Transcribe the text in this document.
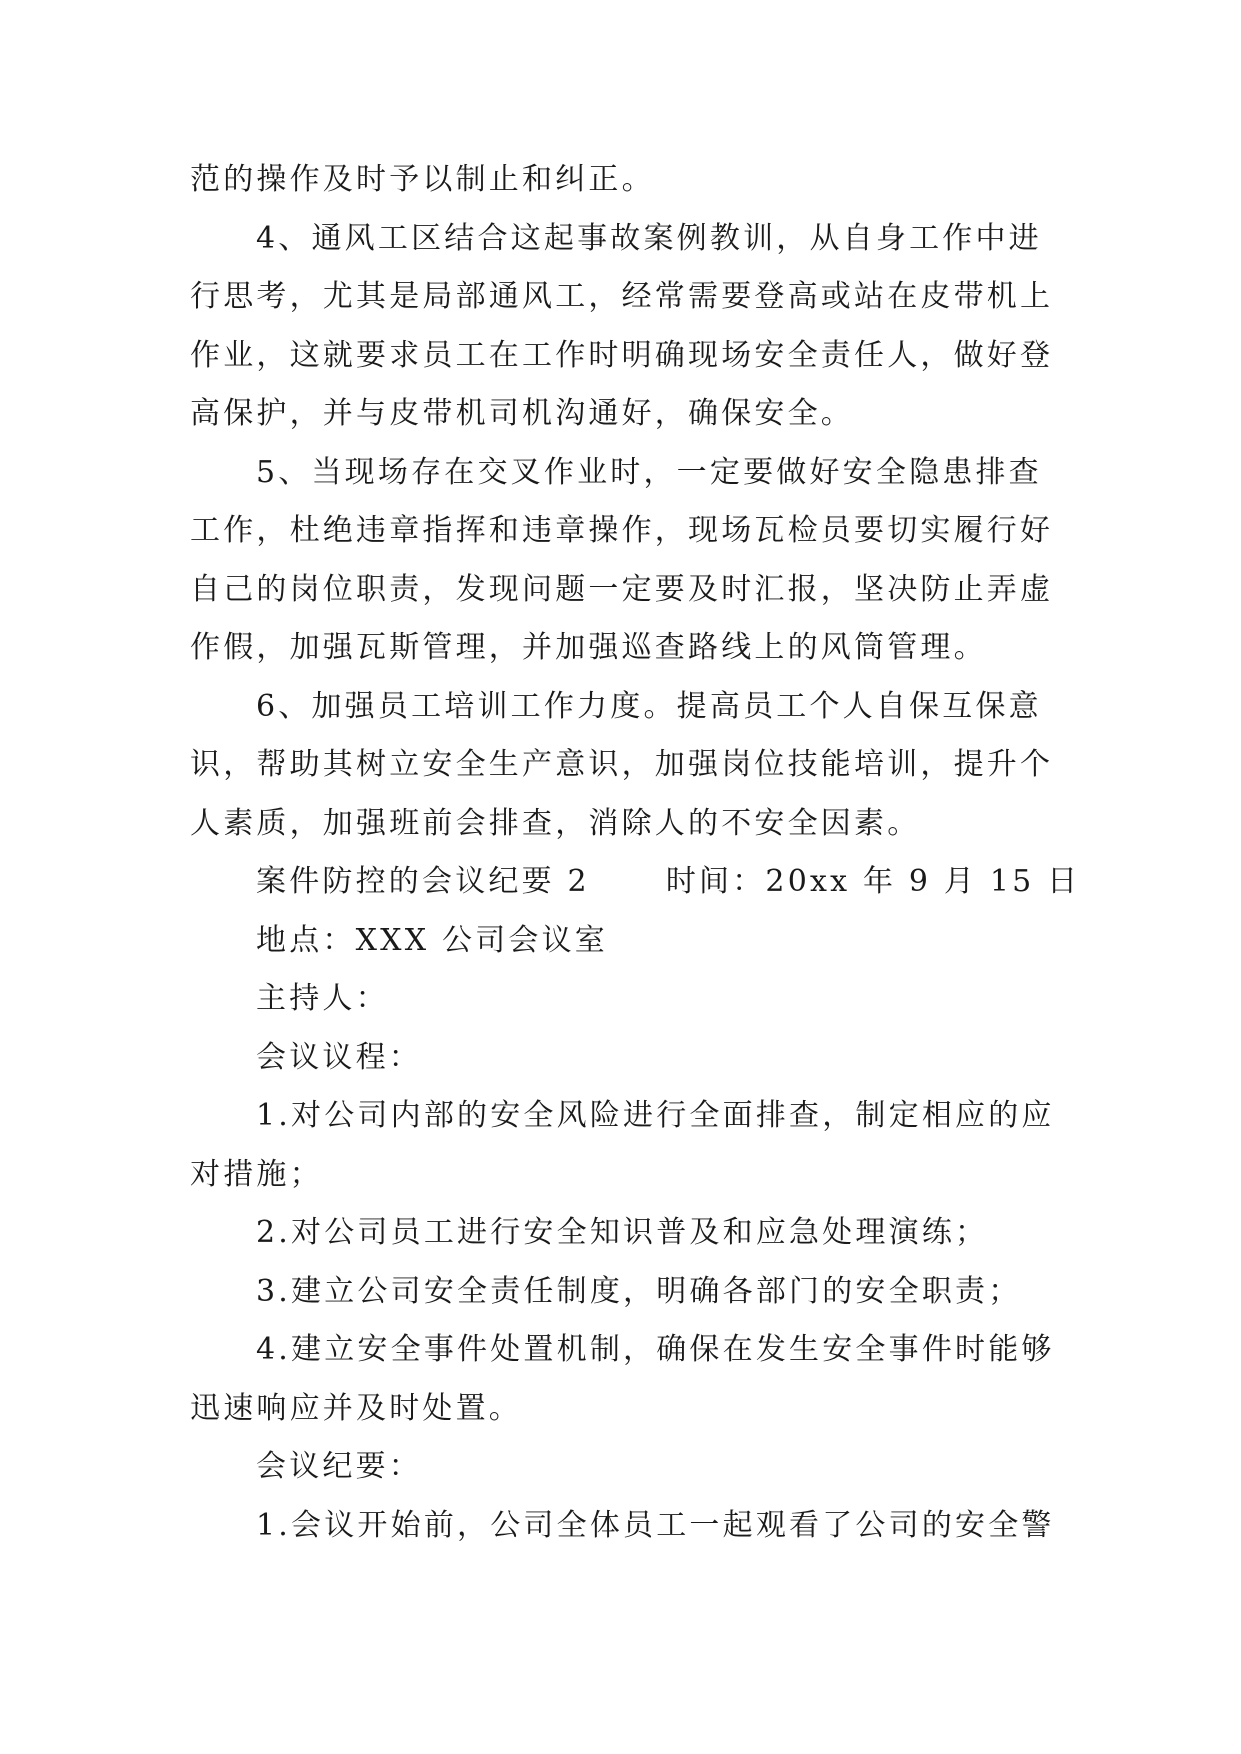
范的操作及时予以制止和纠正。
4、通风工区结合这起事故案例教训，从自身工作中进
行思考，尤其是局部通风工，经常需要登高或站在皮带机上
作业，这就要求员工在工作时明确现场安全责任人，做好登
高保护，并与皮带机司机沟通好，确保安全。
5、当现场存在交叉作业时，一定要做好安全隐患排查
工作，杜绝违章指挥和违章操作，现场瓦检员要切实履行好
自己的岗位职责，发现问题一定要及时汇报，坚决防止弄虚
作假，加强瓦斯管理，并加强巡查路线上的风筒管理。
6、加强员工培训工作力度。提高员工个人自保互保意
识，帮助其树立安全生产意识，加强岗位技能培训，提升个
人素质，加强班前会排查，消除人的不安全因素。
案件防控的会议纪要 2	时间：20xx 年 9 月 15 日
地点：XXX 公司会议室
主持人：
会议议程：
1.对公司内部的安全风险进行全面排查，制定相应的应
对措施；
2.对公司员工进行安全知识普及和应急处理演练；
3.建立公司安全责任制度，明确各部门的安全职责；
4.建立安全事件处置机制，确保在发生安全事件时能够
迅速响应并及时处置。
会议纪要：
1.会议开始前，公司全体员工一起观看了公司的安全警
